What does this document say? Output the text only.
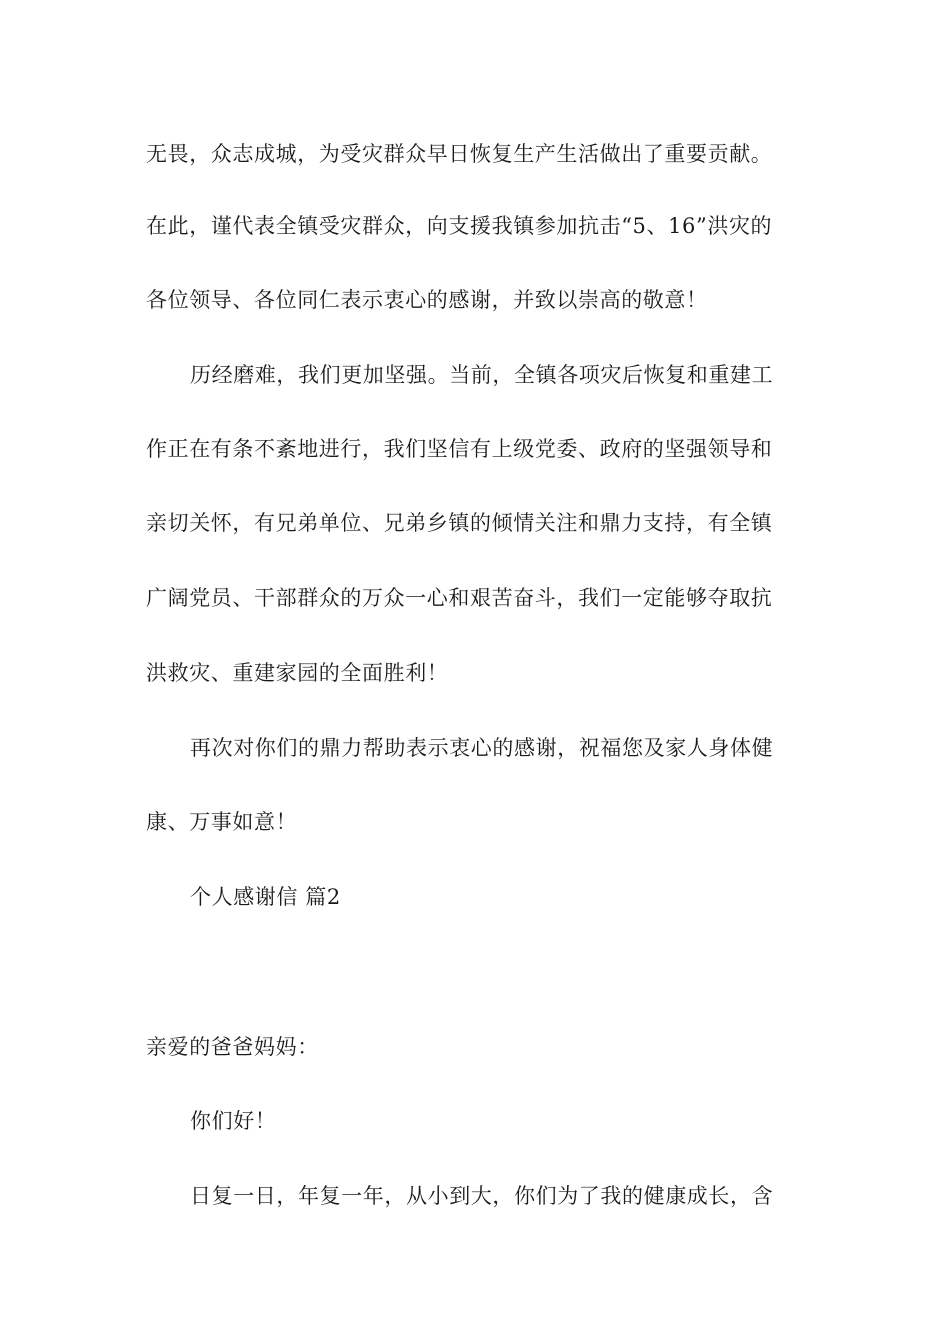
无畏，众志成城，为受灾群众早日恢复生产生活做出了重要贡献。
在此，谨代表全镇受灾群众，向支援我镇参加抗击“5、16”洪灾的
各位领导、各位同仁表示衷心的感谢，并致以崇高的敬意！
历经磨难，我们更加坚强。当前，全镇各项灾后恢复和重建工
作正在有条不紊地进行，我们坚信有上级党委、政府的坚强领导和
亲切关怀，有兄弟单位、兄弟乡镇的倾情关注和鼎力支持，有全镇
广阔党员、干部群众的万众一心和艰苦奋斗，我们一定能够夺取抗
洪救灾、重建家园的全面胜利！
再次对你们的鼎力帮助表示衷心的感谢，祝福您及家人身体健
康、万事如意！
个人感谢信 篇2
亲爱的爸爸妈妈：
你们好！
日复一日，年复一年，从小到大，你们为了我的健康成长，含
